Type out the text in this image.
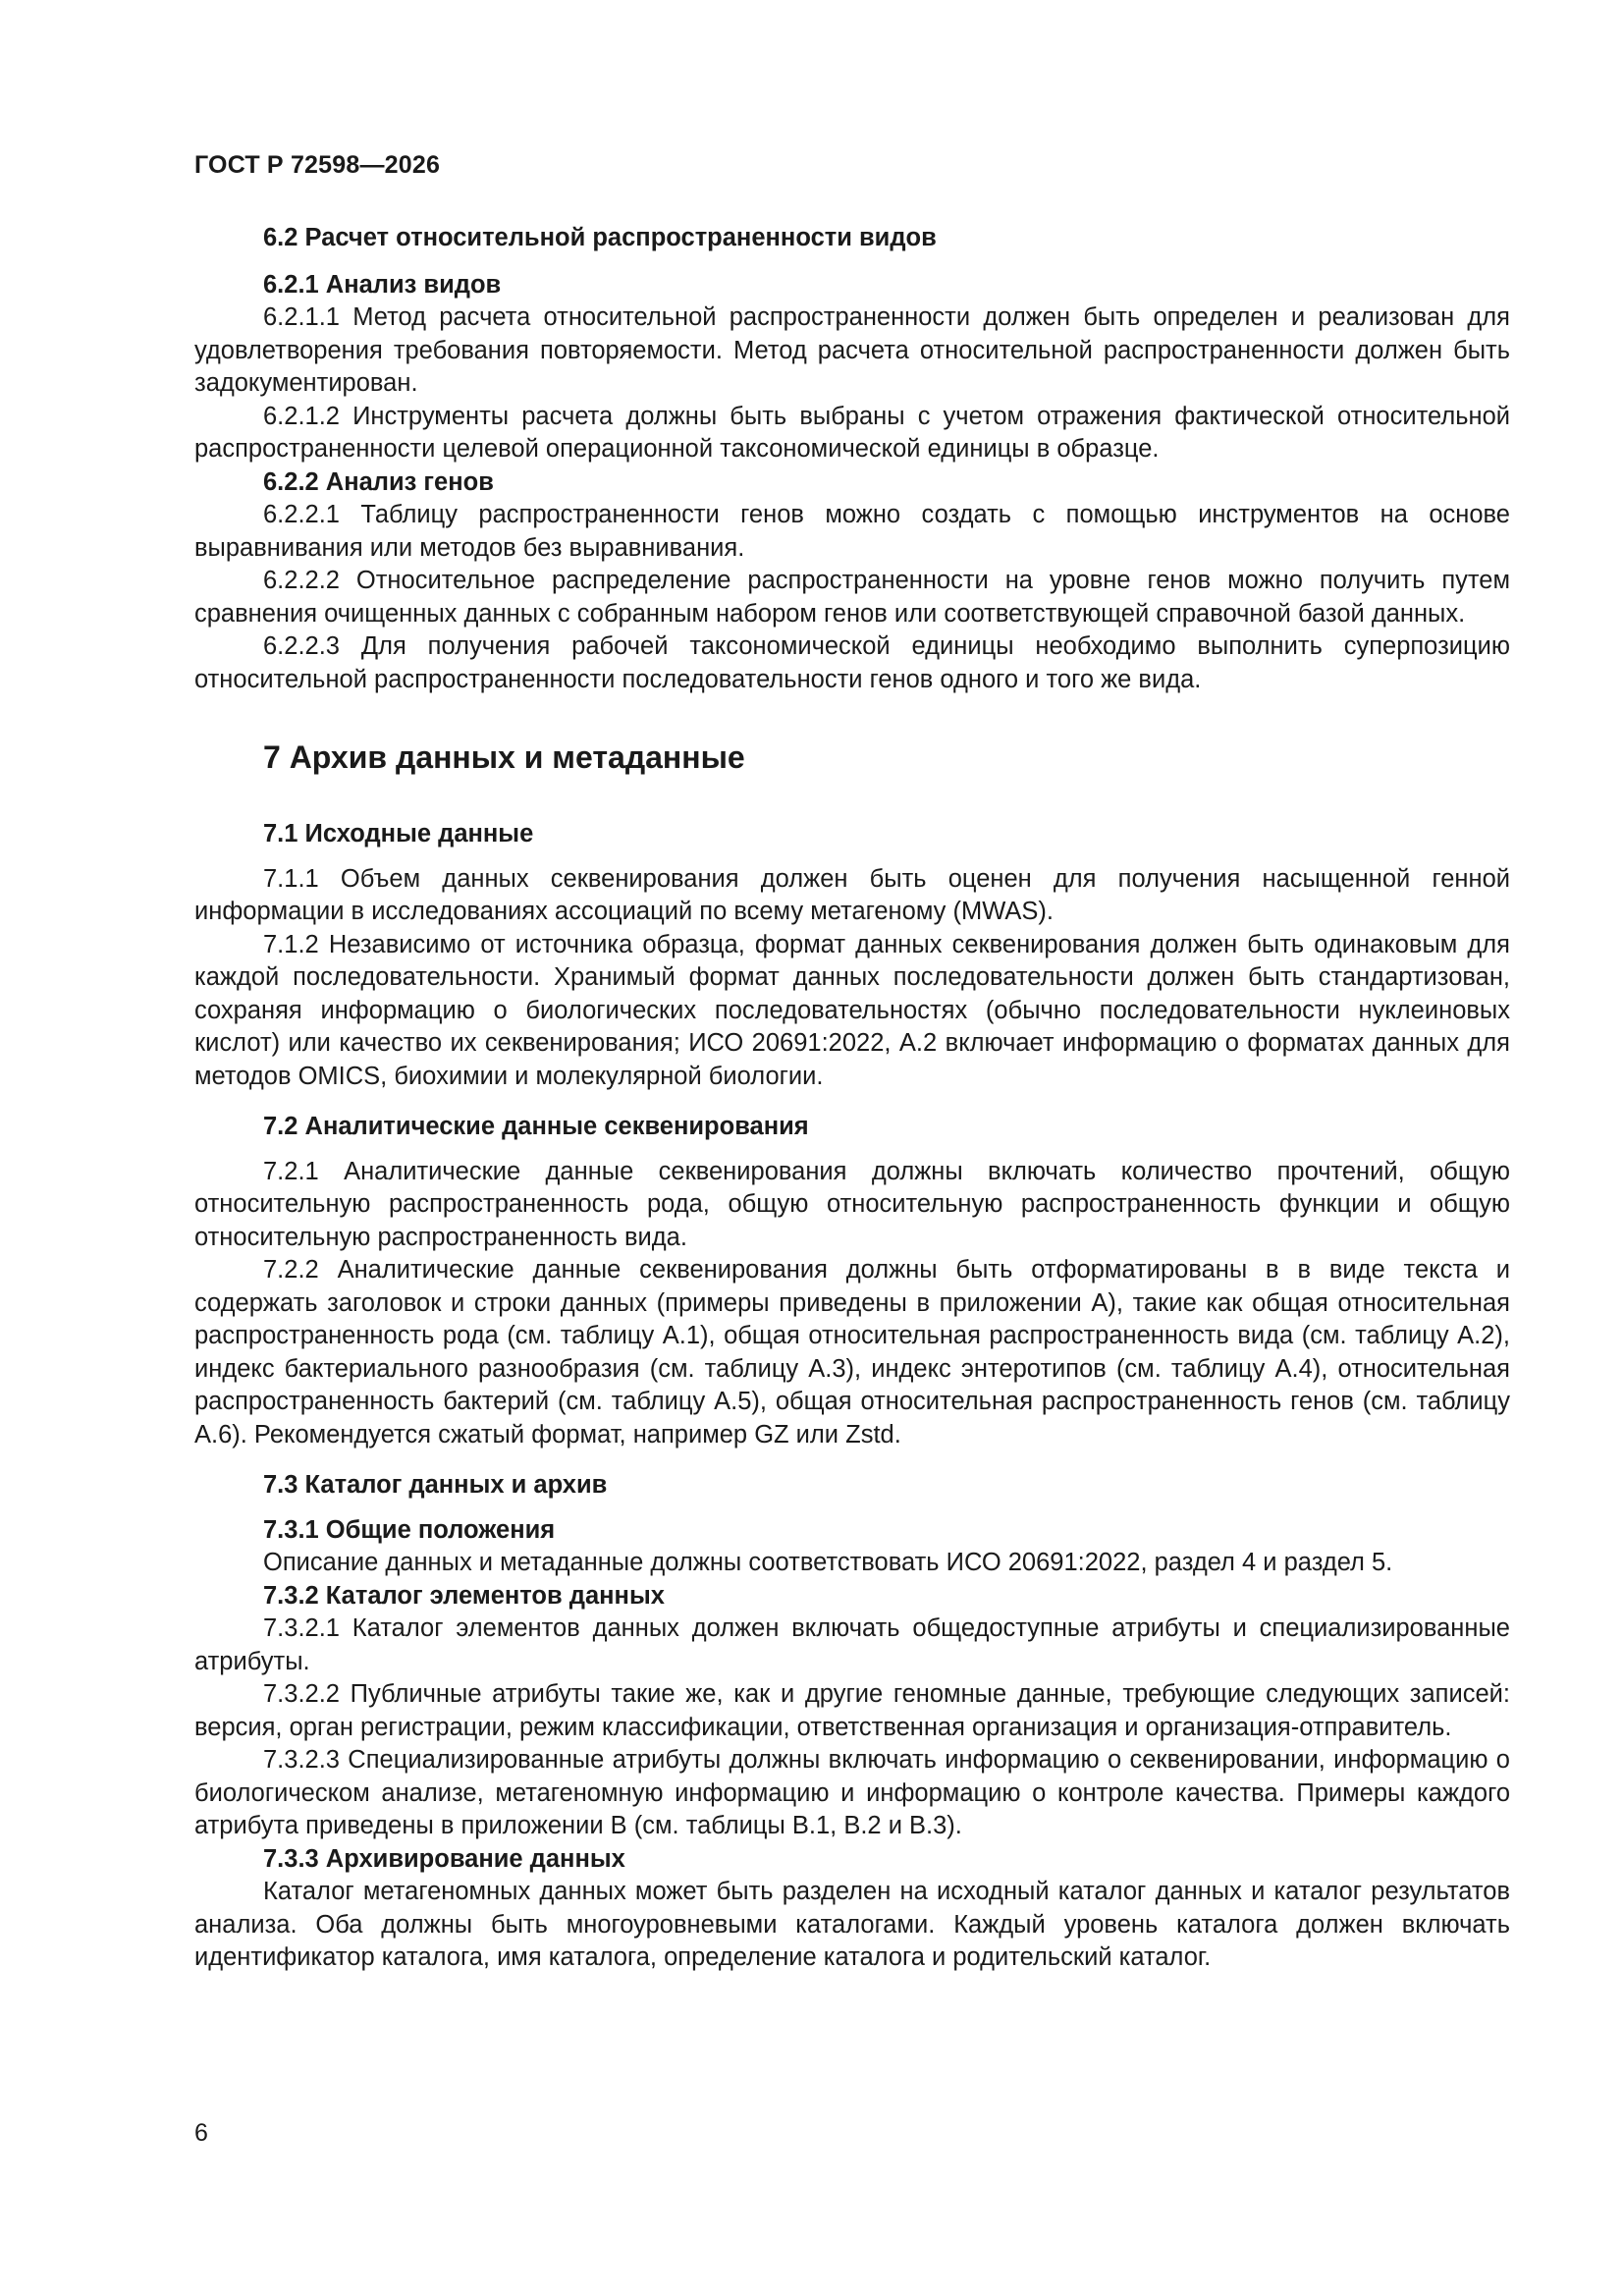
ГОСТ Р 72598—2026

6.2 Расчет относительной распространенности видов

6.2.1 Анализ видов

6.2.1.1 Метод расчета относительной распространенности должен быть определен и реализован для удовлетворения требования повторяемости. Метод расчета относительной распространенности должен быть задокументирован.

6.2.1.2 Инструменты расчета должны быть выбраны с учетом отражения фактической относительной распространенности целевой операционной таксономической единицы в образце.

6.2.2 Анализ генов

6.2.2.1 Таблицу распространенности генов можно создать с помощью инструментов на основе выравнивания или методов без выравнивания.

6.2.2.2 Относительное распределение распространенности на уровне генов можно получить путем сравнения очищенных данных с собранным набором генов или соответствующей справочной базой данных.

6.2.2.3 Для получения рабочей таксономической единицы необходимо выполнить суперпозицию относительной распространенности последовательности генов одного и того же вида.

7 Архив данных и метаданные

7.1 Исходные данные

7.1.1 Объем данных секвенирования должен быть оценен для получения насыщенной генной информации в исследованиях ассоциаций по всему метагеному (MWAS).

7.1.2 Независимо от источника образца, формат данных секвенирования должен быть одинаковым для каждой последовательности. Хранимый формат данных последовательности должен быть стандартизован, сохраняя информацию о биологических последовательностях (обычно последовательности нуклеиновых кислот) или качество их секвенирования; ИСО 20691:2022, А.2 включает информацию о форматах данных для методов OMICS, биохимии и молекулярной биологии.

7.2 Аналитические данные секвенирования

7.2.1 Аналитические данные секвенирования должны включать количество прочтений, общую относительную распространенность рода, общую относительную распространенность функции и общую относительную распространенность вида.

7.2.2 Аналитические данные секвенирования должны быть отформатированы в в виде текста и содержать заголовок и строки данных (примеры приведены в приложении А), такие как общая относительная распространенность рода (см. таблицу А.1), общая относительная распространенность вида (см. таблицу А.2), индекс бактериального разнообразия (см. таблицу А.3), индекс энтеротипов (см. таблицу А.4), относительная распространенность бактерий (см. таблицу А.5), общая относительная распространенность генов (см. таблицу А.6). Рекомендуется сжатый формат, например GZ или Zstd.

7.3 Каталог данных и архив

7.3.1 Общие положения

Описание данных и метаданные должны соответствовать ИСО 20691:2022, раздел 4 и раздел 5.

7.3.2 Каталог элементов данных

7.3.2.1 Каталог элементов данных должен включать общедоступные атрибуты и специализированные атрибуты.

7.3.2.2 Публичные атрибуты такие же, как и другие геномные данные, требующие следующих записей: версия, орган регистрации, режим классификации, ответственная организация и организация-отправитель.

7.3.2.3 Специализированные атрибуты должны включать информацию о секвенировании, информацию о биологическом анализе, метагеномную информацию и информацию о контроле качества. Примеры каждого атрибута приведены в приложении В (см. таблицы В.1, В.2 и В.3).

7.3.3 Архивирование данных

Каталог метагеномных данных может быть разделен на исходный каталог данных и каталог результатов анализа. Оба должны быть многоуровневыми каталогами. Каждый уровень каталога должен включать идентификатор каталога, имя каталога, определение каталога и родительский каталог.

6
